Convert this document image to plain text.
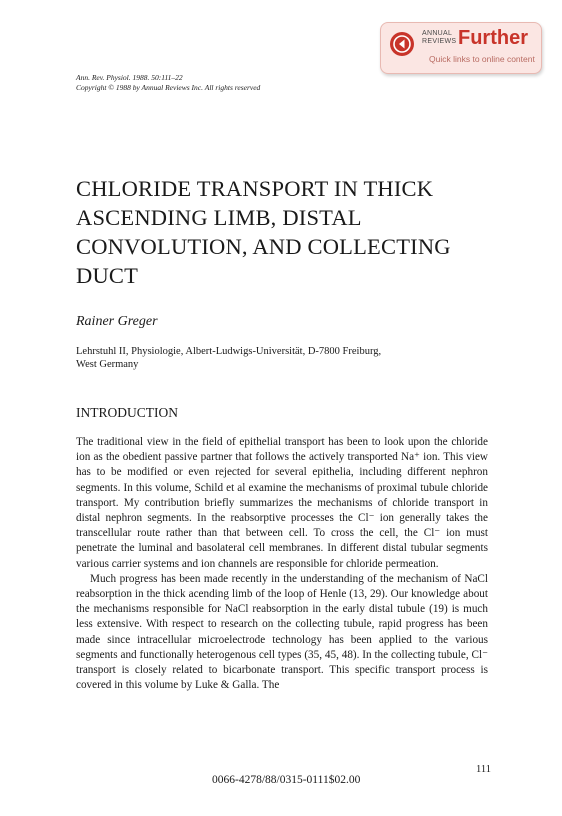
ANNUAL
REVIEWS Further
Quick links to online content
Ann. Rev. Physiol. 1988. 50:111–22
Copyright © 1988 by Annual Reviews Inc. All rights reserved
CHLORIDE TRANSPORT IN THICK
ASCENDING LIMB, DISTAL
CONVOLUTION, AND COLLECTING
DUCT
Rainer Greger
Lehrstuhl II, Physiologie, Albert-Ludwigs-Universität, D-7800 Freiburg,
West Germany
INTRODUCTION

The traditional view in the field of epithelial transport has been to look upon the chloride ion as the obedient passive partner that follows the actively transported Na⁺ ion. This view has to be modified or even rejected for several epithelia, including different nephron segments. In this volume, Schild et al examine the mechanisms of proximal tubule chloride transport. My contribution briefly summarizes the mechanisms of chloride transport in distal nephron segments. In the reabsorptive processes the Cl⁻ ion generally takes the transcellular route rather than that between cell. To cross the cell, the Cl⁻ ion must penetrate the luminal and basolateral cell membranes. In different distal tubular segments various carrier systems and ion channels are responsible for chloride permeation.

Much progress has been made recently in the understanding of the mechanism of NaCl reabsorption in the thick acending limb of the loop of Henle (13, 29). Our knowledge about the mechanisms responsible for NaCl reabsorption in the early distal tubule (19) is much less extensive. With respect to research on the collecting tubule, rapid progress has been made since intracellular microelectrode technology has been applied to the various segments and functionally heterogenous cell types (35, 45, 48). In the collecting tubule, Cl⁻ transport is closely related to bicarbonate transport. This specific transport process is covered in this volume by Luke & Galla. The

111
0066-4278/88/0315-0111$02.00
